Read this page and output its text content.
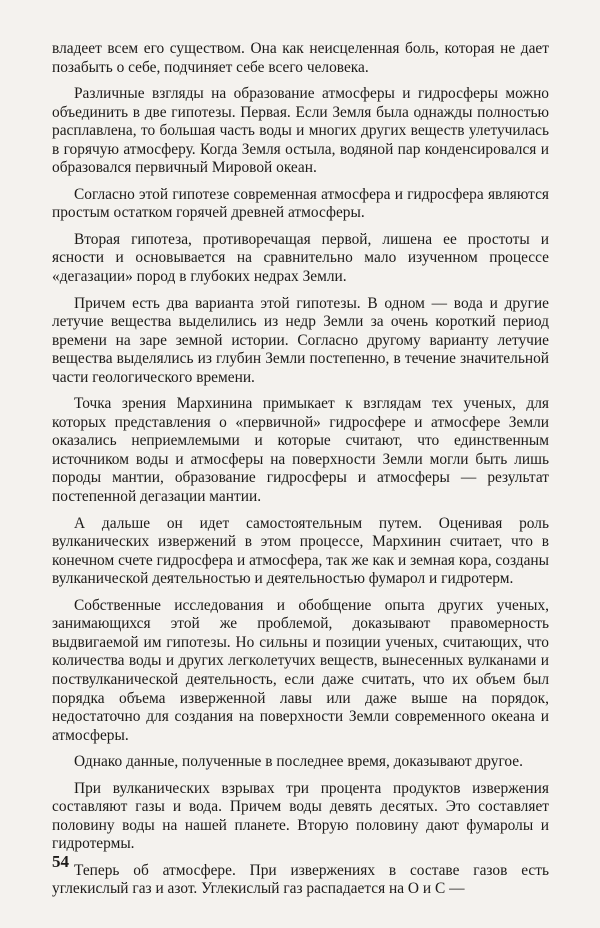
владеет всем его существом. Она как неисцеленная боль, которая не дает позабыть о себе, подчиняет себе всего человека.

Различные взгляды на образование атмосферы и гидросферы можно объединить в две гипотезы. Первая. Если Земля была однажды полностью расплавлена, то большая часть воды и многих других веществ улетучилась в горячую атмосферу. Когда Земля остыла, водяной пар конденсировался и образовался первичный Мировой океан.

Согласно этой гипотезе современная атмосфера и гидросфера являются простым остатком горячей древней атмосферы.

Вторая гипотеза, противоречащая первой, лишена ее простоты и ясности и основывается на сравнительно мало изученном процессе «дегазации» пород в глубоких недрах Земли.

Причем есть два варианта этой гипотезы. В одном — вода и другие летучие вещества выделились из недр Земли за очень короткий период времени на заре земной истории. Согласно другому варианту летучие вещества выделялись из глубин Земли постепенно, в течение значительной части геологического времени.

Точка зрения Мархинина примыкает к взглядам тех ученых, для которых представления о «первичной» гидросфере и атмосфере Земли оказались неприемлемыми и которые считают, что единственным источником воды и атмосферы на поверхности Земли могли быть лишь породы мантии, образование гидросферы и атмосферы — результат постепенной дегазации мантии.

А дальше он идет самостоятельным путем. Оценивая роль вулканических извержений в этом процессе, Мархинин считает, что в конечном счете гидросфера и атмосфера, так же как и земная кора, созданы вулканической деятельностью и деятельностью фумарол и гидротерм.

Собственные исследования и обобщение опыта других ученых, занимающихся этой же проблемой, доказывают правомерность выдвигаемой им гипотезы. Но сильны и позиции ученых, считающих, что количества воды и других легколетучих веществ, вынесенных вулканами и поствулканической деятельность, если даже считать, что их объем был порядка объема изверженной лавы или даже выше на порядок, недостаточно для создания на поверхности Земли современного океана и атмосферы.

Однако данные, полученные в последнее время, доказывают другое.

При вулканических взрывах три процента продуктов извержения составляют газы и вода. Причем воды девять десятых. Это составляет половину воды на нашей планете. Вторую половину дают фумаролы и гидротермы.

Теперь об атмосфере. При извержениях в составе газов есть углекислый газ и азот. Углекислый газ распадается на О и С —

54
